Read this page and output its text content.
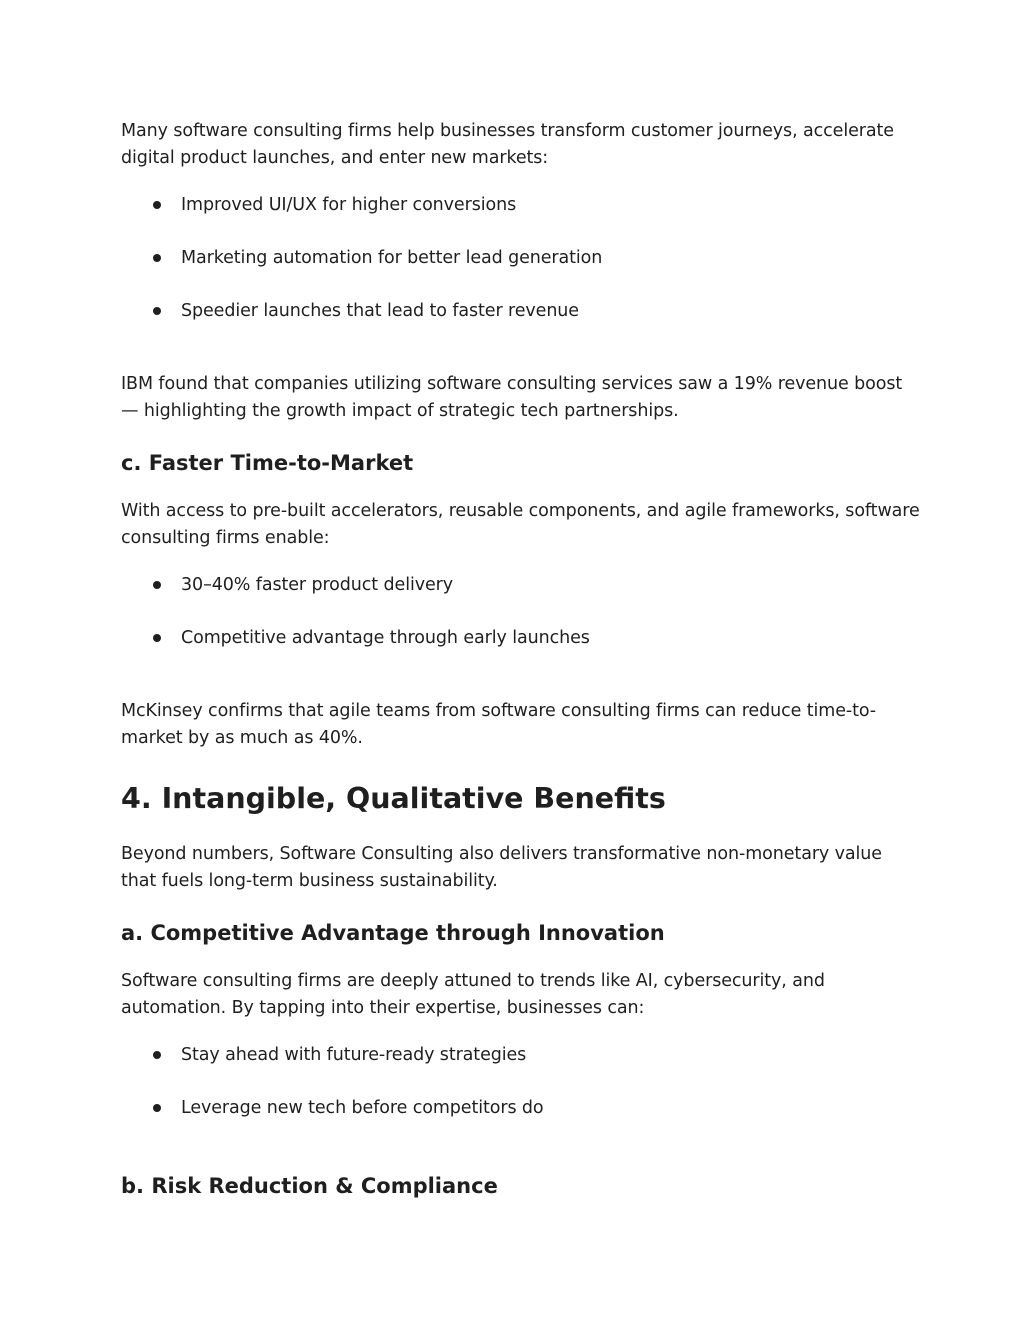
Many software consulting firms help businesses transform customer journeys, accelerate digital product launches, and enter new markets:

Improved UI/UX for higher conversions
Marketing automation for better lead generation
Speedier launches that lead to faster revenue

IBM found that companies utilizing software consulting services saw a 19% revenue boost — highlighting the growth impact of strategic tech partnerships.

c. Faster Time-to-Market

With access to pre-built accelerators, reusable components, and agile frameworks, software consulting firms enable:

30–40% faster product delivery
Competitive advantage through early launches

McKinsey confirms that agile teams from software consulting firms can reduce time-to-market by as much as 40%.

4. Intangible, Qualitative Benefits

Beyond numbers, Software Consulting also delivers transformative non-monetary value that fuels long-term business sustainability.

a. Competitive Advantage through Innovation

Software consulting firms are deeply attuned to trends like AI, cybersecurity, and automation. By tapping into their expertise, businesses can:

Stay ahead with future-ready strategies
Leverage new tech before competitors do
b. Risk Reduction & Compliance
